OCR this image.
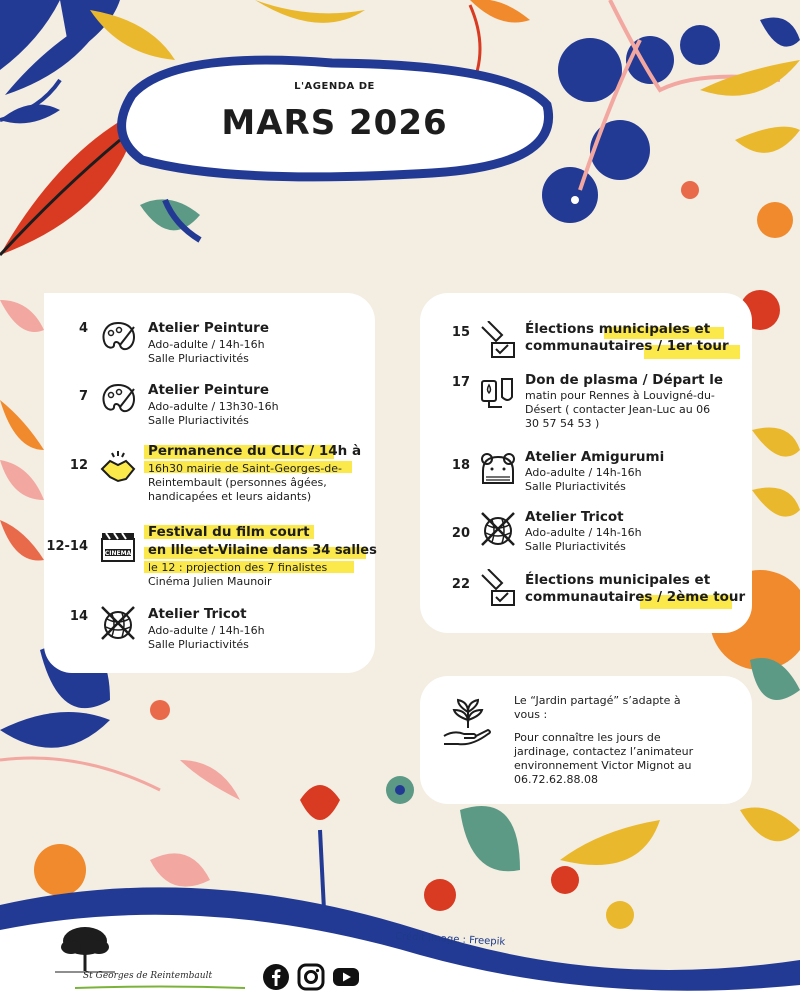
L'AGENDA DE
MARS 2026
4	Atelier Peinture
Ado-adulte / 14h-16h
Salle Pluriactivités
7	Atelier Peinture
Ado-adulte / 13h30-16h
Salle Pluriactivités
12
Permanence du CLIC / 14h à
16h30 mairie de Saint-Georges-de-
Reintembault (personnes âgées,
handicapées et leurs aidants)
12-14	CINEMA
Festival du film court
en Ille-et-Vilaine dans 34 salles
le 12 : projection des 7 finalistes
Cinéma Julien Maunoir
14	Atelier Tricot
Ado-adulte / 14h-16h
Salle Pluriactivités
15	Élections municipales et
communautaires / 1er tour
17	Don de plasma / Départ le
matin pour Rennes à Louvigné-du-
Désert ( contacter Jean-Luc au 06
30 57 54 53 )
18
Atelier Amigurumi
Ado-adulte / 14h-16h
Salle Pluriactivités
20
Atelier Tricot
Ado-adulte / 14h-16h
Salle Pluriactivités
22	Élections municipales et
communautaires / 2ème tour
Le “Jardin partagé” s’adapte à
vous :
Pour connaître les jours de
jardinage, contactez l’animateur
environnement Victor Mignot au
06.72.62.88.08
Crédit image : Freepik
St Georges de Reintembault
